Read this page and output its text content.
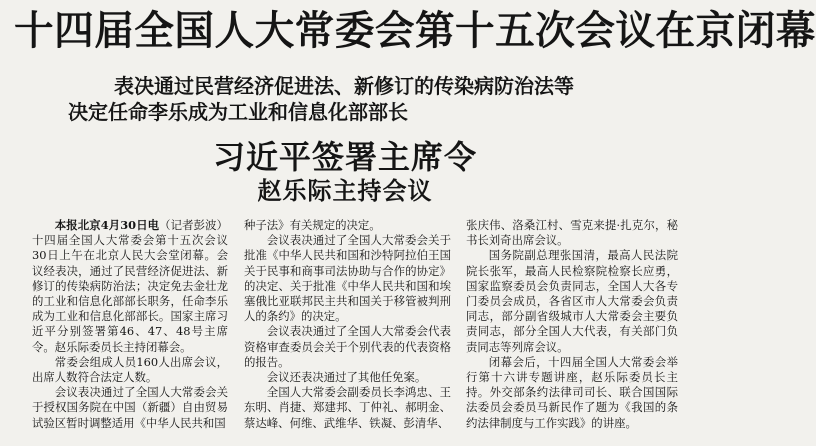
十四届全国人大常委会第十五次会议在京闭幕
表决通过民营经济促进法、新修订的传染病防治法等
决定任命李乐成为工业和信息化部部长
习近平签署主席令
赵乐际主持会议

本报北京4月30日电（记者彭波）十四届全国人大常委会第十五次会议30日上午在北京人民大会堂闭幕。会议经表决，通过了民营经济促进法、新修订的传染病防治法；决定免去金壮龙的工业和信息化部部长职务，任命李乐成为工业和信息化部部长。国家主席习近平分别签署第46、47、48号主席令。赵乐际委员长主持闭幕会。

常委会组成人员160人出席会议，出席人数符合法定人数。

会议表决通过了全国人大常委会关于授权国务院在中国（新疆）自由贸易试验区暂时调整适用《中华人民共和国

种子法》有关规定的决定。

会议表决通过了全国人大常委会关于批准《中华人民共和国和沙特阿拉伯王国关于民事和商事司法协助与合作的协定》的决定、关于批准《中华人民共和国和埃塞俄比亚联邦民主共和国关于移管被判刑人的条约》的决定。

会议表决通过了全国人大常委会代表资格审查委员会关于个别代表的代表资格的报告。

会议还表决通过了其他任免案。

全国人大常委会副委员长李鸿忠、王东明、肖捷、郑建邦、丁仲礼、郝明金、蔡达峰、何维、武维华、铁凝、彭清华、

张庆伟、洛桑江村、雪克来提·扎克尔，秘书长刘奇出席会议。

国务院副总理张国清，最高人民法院院长张军，最高人民检察院检察长应勇，国家监察委员会负责同志，全国人大各专门委员会成员，各省区市人大常委会负责同志，部分副省级城市人大常委会主要负责同志，部分全国人大代表，有关部门负责同志等列席会议。

闭幕会后，十四届全国人大常委会举行第十六讲专题讲座，赵乐际委员长主持。外交部条约法律司司长、联合国国际法委员会委员马新民作了题为《我国的条约法律制度与工作实践》的讲座。
